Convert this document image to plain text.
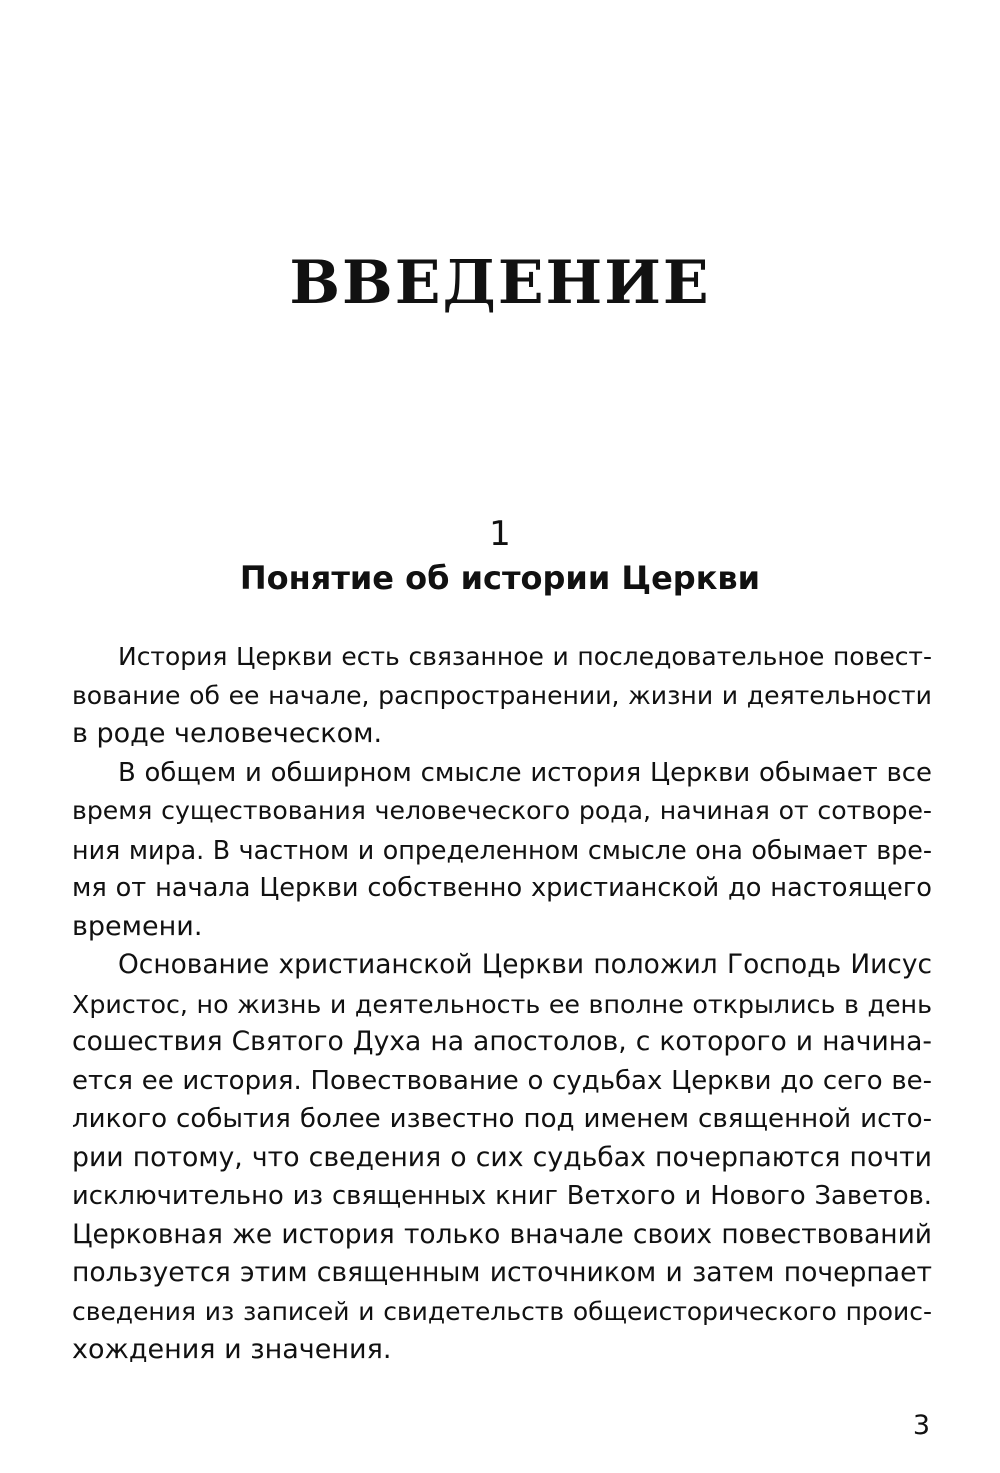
ВВЕДЕНИЕ
1
Понятие об истории Церкви
История Церкви есть связанное и последовательное повест-
вование об ее начале, распространении, жизни и деятельности
в роде человеческом.
В общем и обширном смысле история Церкви обымает все
время существования человеческого рода, начиная от сотворе-
ния мира. В частном и определенном смысле она обымает вре-
мя от начала Церкви собственно христианской до настоящего
времени.
Основание христианской Церкви положил Господь Иисус
Христос, но жизнь и деятельность ее вполне открылись в день
сошествия Святого Духа на апостолов, с которого и начина-
ется ее история. Повествование о судьбах Церкви до сего ве-
ликого события более известно под именем священной исто-
рии потому, что сведения о сих судьбах почерпаются почти
исключительно из священных книг Ветхого и Нового Заветов.
Церковная же история только вначале своих повествований
пользуется этим священным источником и затем почерпает
сведения из записей и свидетельств общеисторического проис-
хождения и значения.
3
